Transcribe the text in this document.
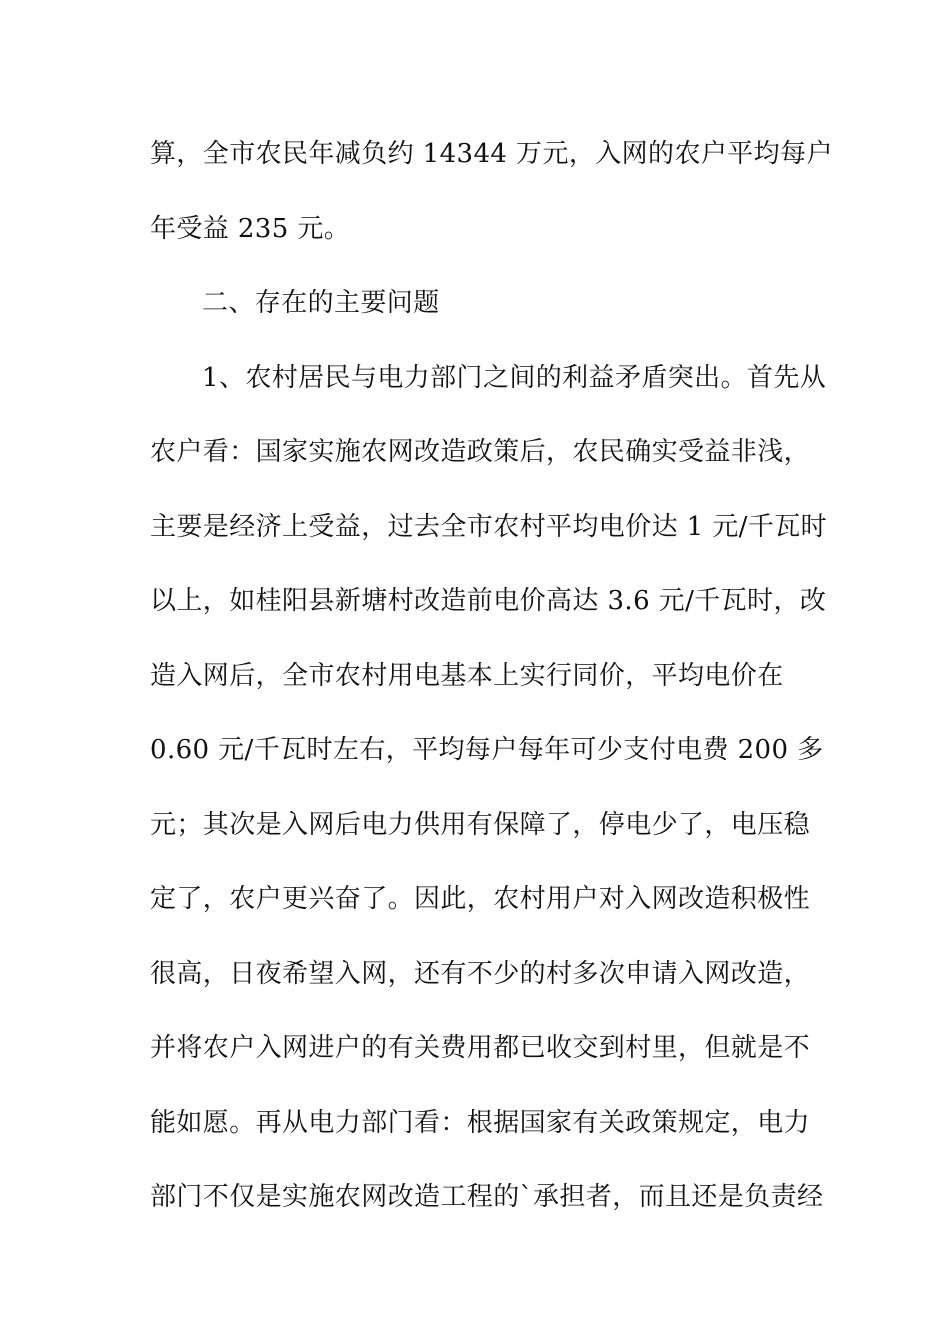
算，全市农民年减负约 14344 万元，入网的农户平均每户
年受益 235 元。
二、存在的主要问题
1、农村居民与电力部门之间的利益矛盾突出。首先从
农户看：国家实施农网改造政策后，农民确实受益非浅，
主要是经济上受益，过去全市农村平均电价达 1 元/千瓦时
以上，如桂阳县新塘村改造前电价高达 3.6 元/千瓦时，改
造入网后，全市农村用电基本上实行同价，平均电价在
0.60 元/千瓦时左右，平均每户每年可少支付电费 200 多
元；其次是入网后电力供用有保障了，停电少了，电压稳
定了，农户更兴奋了。因此，农村用户对入网改造积极性
很高，日夜希望入网，还有不少的村多次申请入网改造，
并将农户入网进户的有关费用都已收交到村里，但就是不
能如愿。再从电力部门看：根据国家有关政策规定，电力
部门不仅是实施农网改造工程的`承担者，而且还是负责经
